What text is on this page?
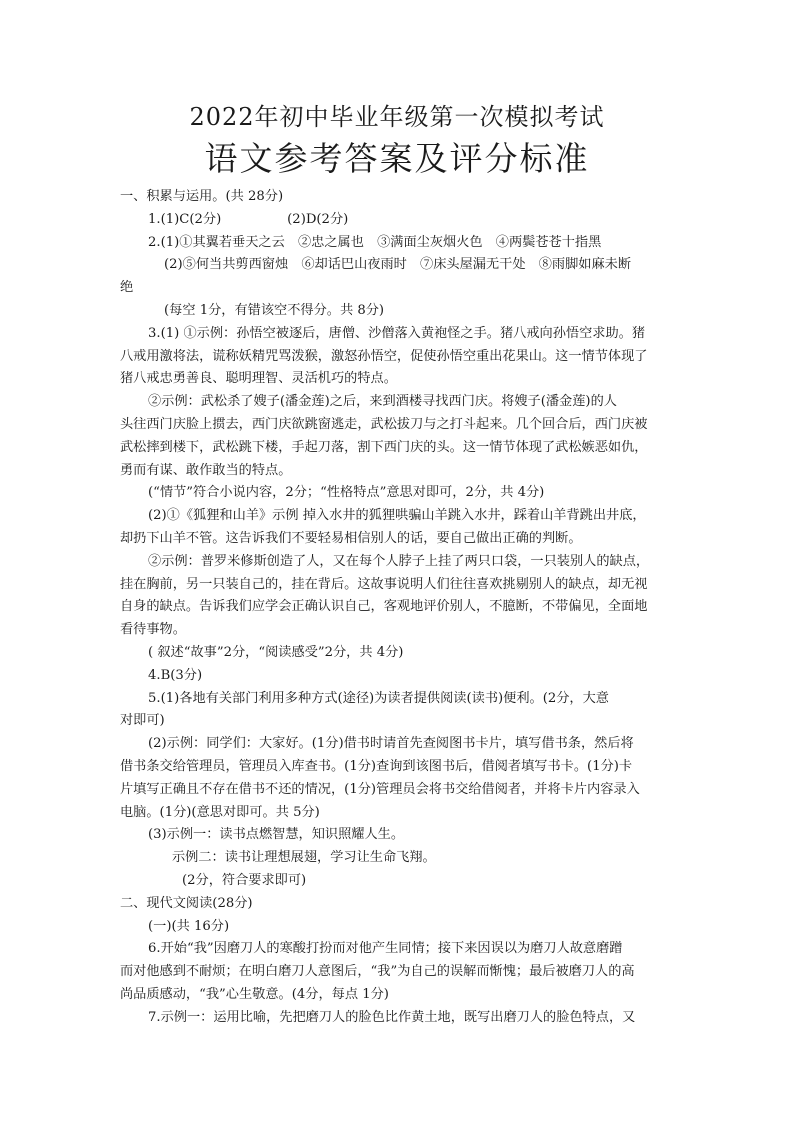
2022年初中毕业年级第一次模拟考试
语文参考答案及评分标准

一、积累与运用。(共 28分)

1.(1)C(2分)　　　　　(2)D(2分)

2.(1)①其翼若垂天之云　②忠之属也　③满面尘灰烟火色　④两鬓苍苍十指黑

(2)⑤何当共剪西窗烛　⑥却话巴山夜雨时　⑦床头屋漏无干处　⑧雨脚如麻未断

绝

(每空 1分，有错该空不得分。共 8分)

3.(1) ①示例：孙悟空被逐后，唐僧、沙僧落入黄袍怪之手。猪八戒向孙悟空求助。猪

八戒用激将法，谎称妖精咒骂泼猴，激怒孙悟空，促使孙悟空重出花果山。这一情节体现了

猪八戒忠勇善良、聪明理智、灵活机巧的特点。

②示例：武松杀了嫂子(潘金莲)之后，来到酒楼寻找西门庆。将嫂子(潘金莲)的人

头往西门庆脸上掼去，西门庆欲跳窗逃走，武松拔刀与之打斗起来。几个回合后，西门庆被

武松摔到楼下，武松跳下楼，手起刀落，割下西门庆的头。这一情节体现了武松嫉恶如仇，

勇而有谋、敢作敢当的特点。

(“情节”符合小说内容，2分；“性格特点”意思对即可，2分，共 4分)

(2)①《狐狸和山羊》示例 掉入水井的狐狸哄骗山羊跳入水井，踩着山羊背跳出井底，

却扔下山羊不管。这告诉我们不要轻易相信别人的话，要自己做出正确的判断。

②示例：普罗米修斯创造了人，又在每个人脖子上挂了两只口袋，一只装别人的缺点，

挂在胸前，另一只装自己的，挂在背后。这故事说明人们往往喜欢挑剔别人的缺点，却无视

自身的缺点。告诉我们应学会正确认识自己，客观地评价别人，不臆断，不带偏见，全面地

看待事物。

( 叙述“故事”2分，“阅读感受”2分，共 4分)

4.B(3分)

5.(1)各地有关部门利用多种方式(途径)为读者提供阅读(读书)便利。(2分，大意

对即可)

(2)示例：同学们：大家好。(1分)借书时请首先查阅图书卡片，填写借书条，然后将

借书条交给管理员，管理员入库查书。(1分)查询到该图书后，借阅者填写书卡。(1分)卡

片填写正确且不存在借书不还的情况，(1分)管理员会将书交给借阅者，并将卡片内容录入

电脑。(1分)(意思对即可。共 5分)

(3)示例一：读书点燃智慧，知识照耀人生。

示例二：读书让理想展翅，学习让生命飞翔。

(2分，符合要求即可)

二、现代文阅读(28分)

(一)(共 16分)

6.开始“我”因磨刀人的寒酸打扮而对他产生同情；接下来因误以为磨刀人故意磨蹭

而对他感到不耐烦；在明白磨刀人意图后，“我”为自己的误解而惭愧；最后被磨刀人的高

尚品质感动，“我”心生敬意。(4分，每点 1分)

7.示例一：运用比喻，先把磨刀人的脸色比作黄土地，既写出磨刀人的脸色特点，又
